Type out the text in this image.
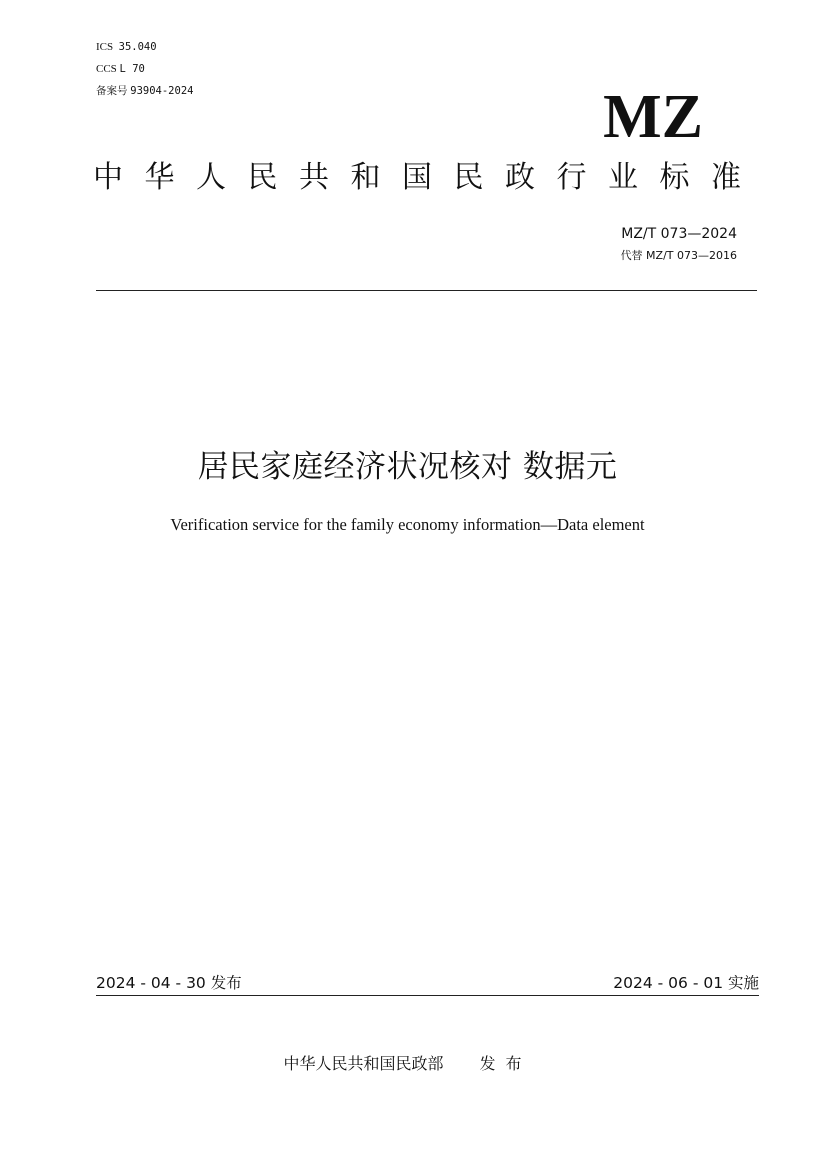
ICS 35.040
CCS L 70
备案号 93904-2024	MZ
中华人民共和国民政行业标准
MZ/T 073—2024
代替 MZ/T 073—2016
居民家庭经济状况核对 数据元
Verification service for the family economy information—Data element
2024 - 04 - 30 发布	2024 - 06 - 01 实施
中华人民共和国民政部 发布
